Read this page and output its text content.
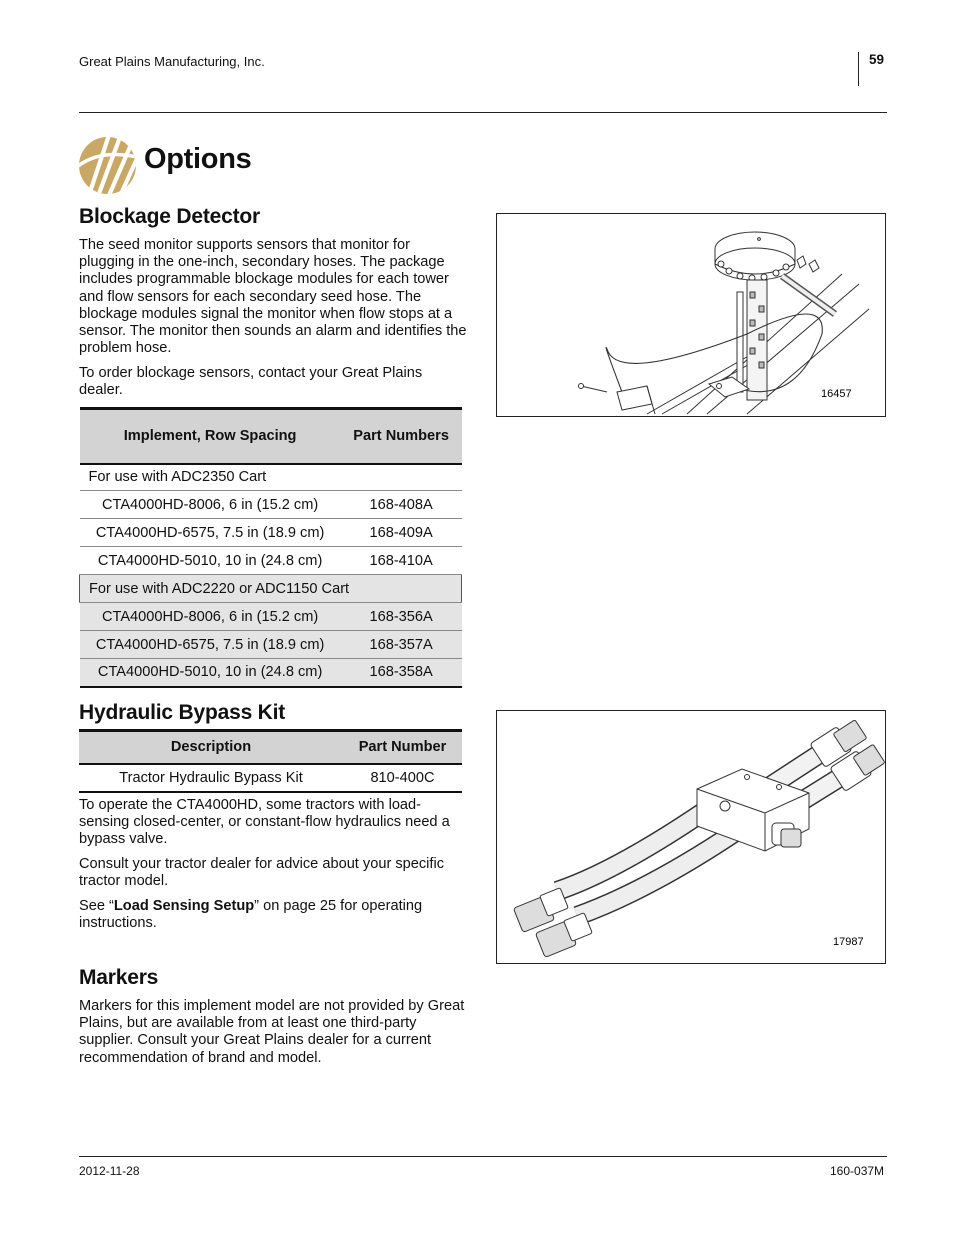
Great Plains Manufacturing, Inc.	59
Options
Blockage Detector

The seed monitor supports sensors that monitor for plugging in the one-inch, secondary hoses. The package includes programmable blockage modules for each tower and flow sensors for each secondary seed hose. The blockage modules signal the monitor when flow stops at a sensor. The monitor then sounds an alarm and identifies the problem hose.

To order blockage sensors, contact your Great Plains dealer.

Implement, Row Spacing	Part Numbers
For use with ADC2350 Cart	
CTA4000HD-8006, 6 in (15.2 cm)	168-408A
CTA4000HD-6575, 7.5 in (18.9 cm)	168-409A
CTA4000HD-5010, 10 in (24.8 cm)	168-410A
For use with ADC2220 or ADC1150 Cart	
CTA4000HD-8006, 6 in (15.2 cm)	168-356A
CTA4000HD-6575, 7.5 in (18.9 cm)	168-357A
CTA4000HD-5010, 10 in (24.8 cm)	168-358A
16457
Hydraulic Bypass Kit
Description	Part Number
Tractor Hydraulic Bypass Kit	810-400C

To operate the CTA4000HD, some tractors with load-sensing closed-center, or constant-flow hydraulics need a bypass valve.

Consult your tractor dealer for advice about your specific tractor model.

See “Load Sensing Setup” on page 25 for operating instructions.

17987
Markers

Markers for this implement model are not provided by Great Plains, but are available from at least one third-party supplier. Consult your Great Plains dealer for a current recommendation of brand and model.

2012-11-28	160-037M
